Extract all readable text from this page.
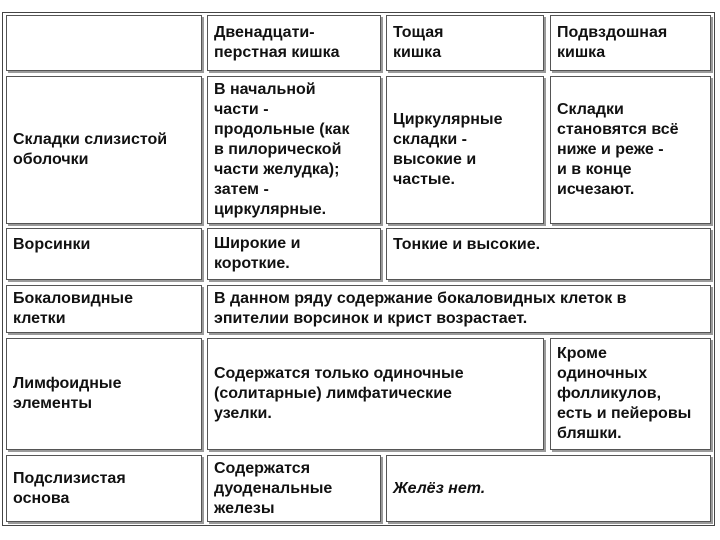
Двенадцати-
перстная кишка
Тощая
кишка
Подвздошная
кишка
Складки слизистой
оболочки
В начальной
части -
продольные (как
в пилорической
части желудка);
затем -
циркулярные.
Циркулярные
складки -
высокие и
частые.
Складки
становятся всё
ниже и реже -
и в конце
исчезают.
Ворсинки	Широкие и
короткие.
Тонкие и высокие.
Бокаловидные
клетки
В данном ряду содержание бокаловидных клеток в
эпителии ворсинок и крист возрастает.
Лимфоидные
элементы
Содержатся только одиночные
(солитарные) лимфатические
узелки.
Кроме
одиночных
фолликулов,
есть и пейеровы
бляшки.
Подслизистая
основа
Содержатся
дуоденальные
железы
Желёз нет.
